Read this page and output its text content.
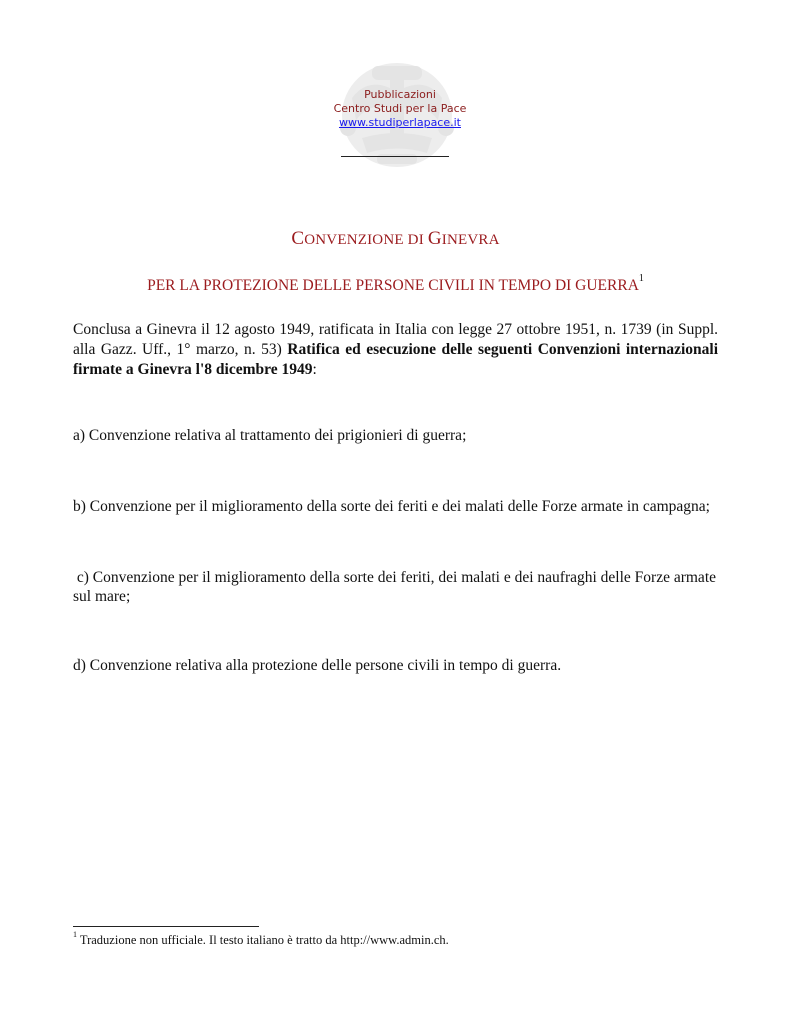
Pubblicazioni
Centro Studi per la Pace
www.studiperlapace.it
CONVENZIONE DI GINEVRA
PER LA PROTEZIONE DELLE PERSONE CIVILI IN TEMPO DI GUERRA$^1$
Conclusa a Ginevra il 12 agosto 1949, ratificata in Italia con legge 27 ottobre 1951, n. 1739 (in Suppl. alla Gazz. Uff., 1° marzo, n. 53) Ratifica ed esecuzione delle seguenti Convenzioni internazionali firmate a Ginevra l'8 dicembre 1949:
a) Convenzione relativa al trattamento dei prigionieri di guerra;
b) Convenzione per il miglioramento della sorte dei feriti e dei malati delle Forze armate in campagna;
c) Convenzione per il miglioramento della sorte dei feriti, dei malati e dei naufraghi delle Forze armate sul mare;
d) Convenzione relativa alla protezione delle persone civili in tempo di guerra.
$^1$ Traduzione non ufficiale. Il testo italiano è tratto da http://www.admin.ch.
